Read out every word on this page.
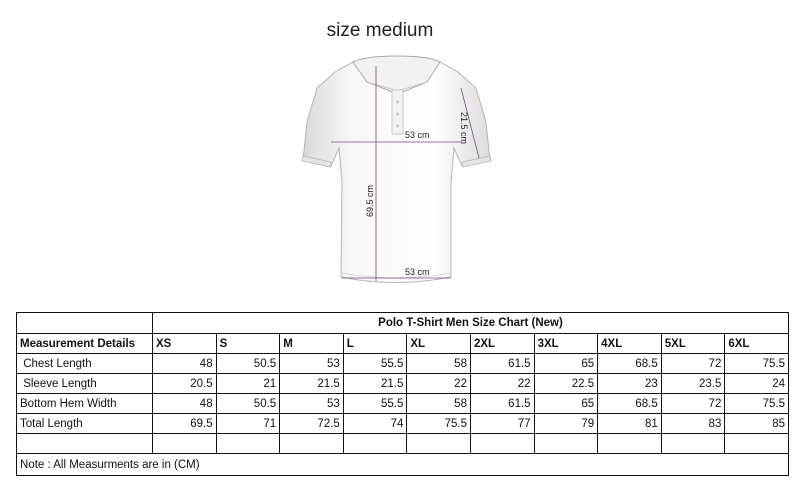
size medium
53 cm
53 cm
69.5 cm
21.5 cm
	Polo T-Shirt Men Size Chart (New)									
Measurement Details	XS	S	M	L	XL	2XL	3XL	4XL	5XL	6XL
Chest Length	48	50.5	53	55.5	58	61.5	65	68.5	72	75.5
Sleeve Length	20.5	21	21.5	21.5	22	22	22.5	23	23.5	24
Bottom Hem Width	48	50.5	53	55.5	58	61.5	65	68.5	72	75.5
Total Length	69.5	71	72.5	74	75.5	77	79	81	83	85

Note : All Measurments are in (CM)										
